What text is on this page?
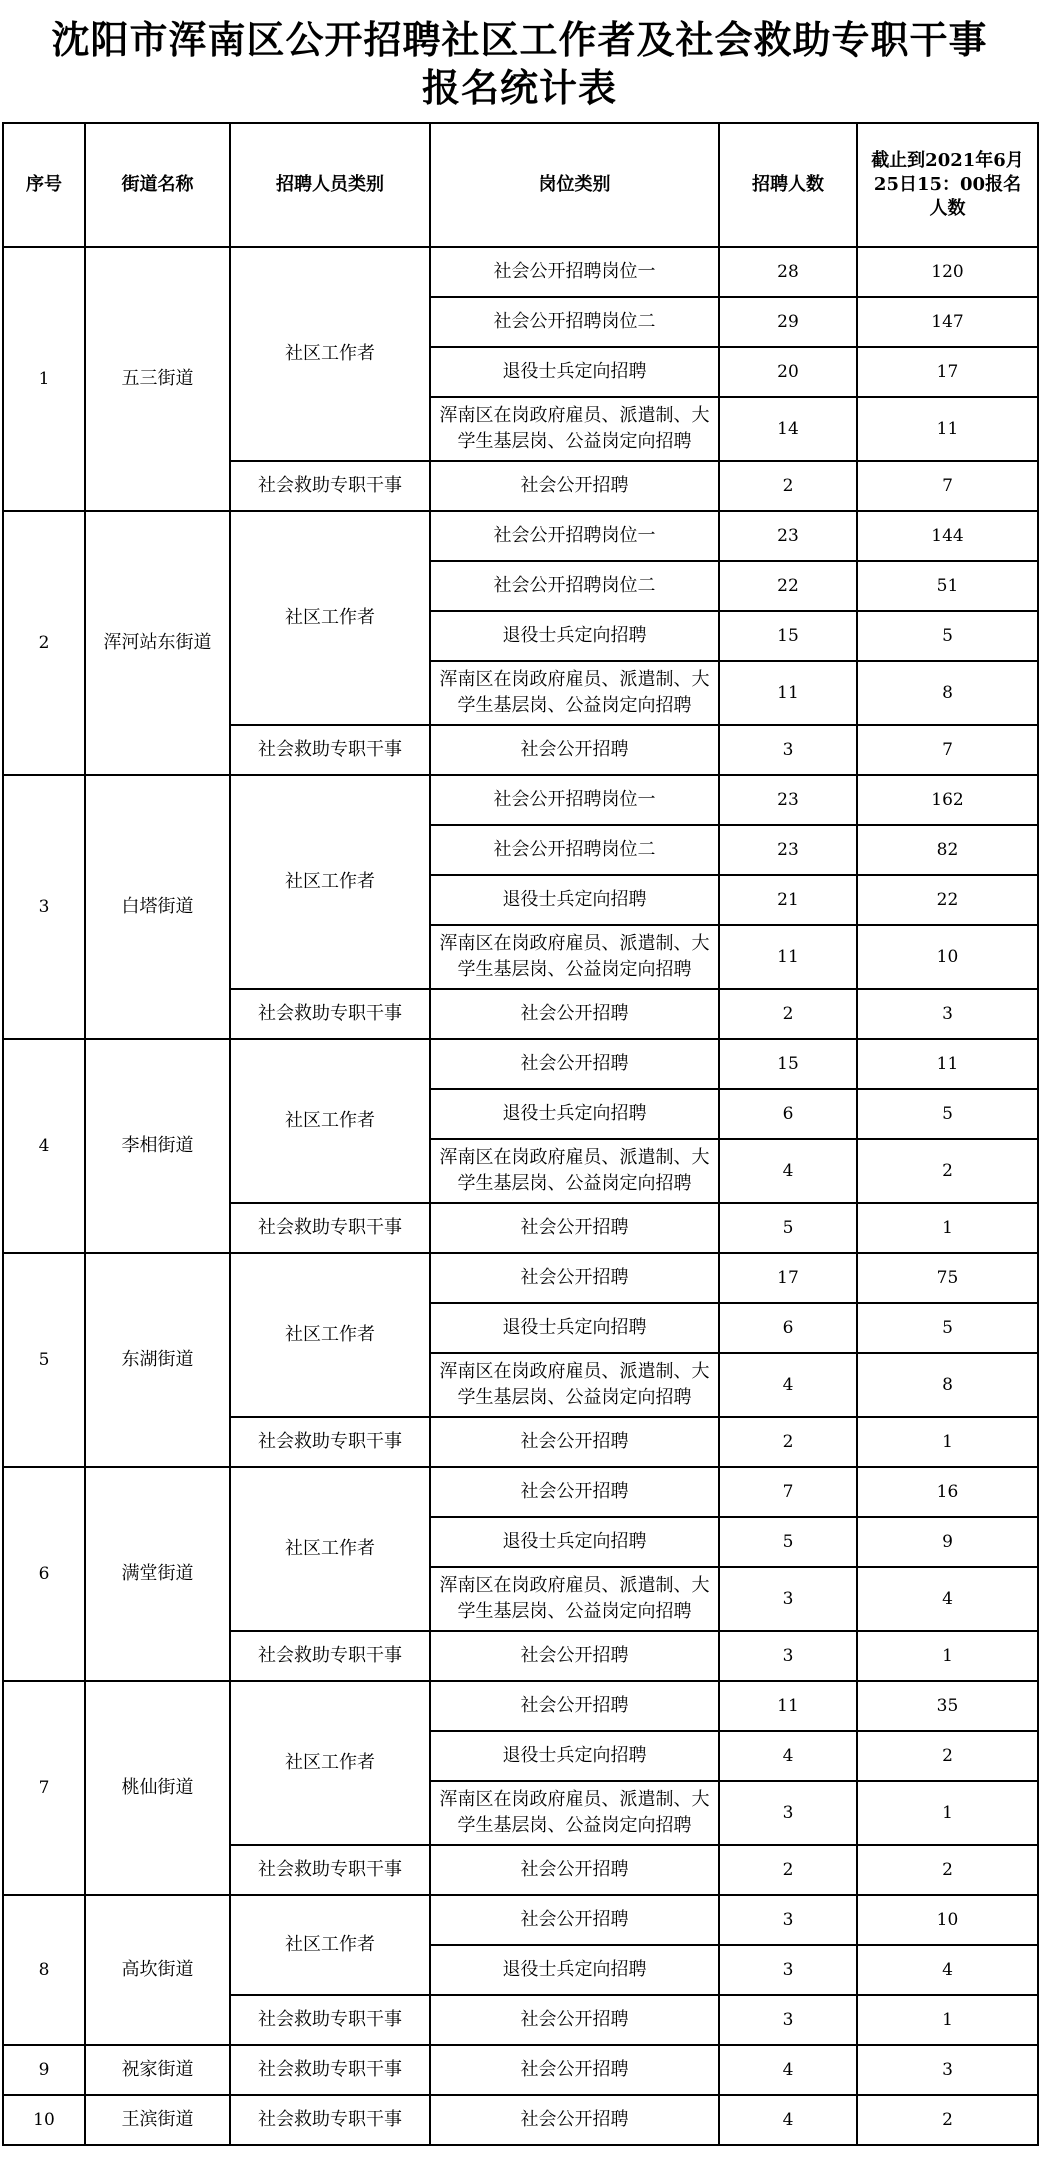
沈阳市浑南区公开招聘社区工作者及社会救助专职干事
报名统计表
序号	街道名称	招聘人员类别	岗位类别	招聘人数	截止到2021年6月25日15：00报名人数
1	五三街道	社区工作者	社会公开招聘岗位一	28	120
			社会公开招聘岗位二	29	147
			退役士兵定向招聘	20	17
			浑南区在岗政府雇员、派遣制、大学生基层岗、公益岗定向招聘	14	11
		社会救助专职干事	社会公开招聘	2	7
2	浑河站东街道	社区工作者	社会公开招聘岗位一	23	144
			社会公开招聘岗位二	22	51
			退役士兵定向招聘	15	5
			浑南区在岗政府雇员、派遣制、大学生基层岗、公益岗定向招聘	11	8
		社会救助专职干事	社会公开招聘	3	7
3	白塔街道	社区工作者	社会公开招聘岗位一	23	162
			社会公开招聘岗位二	23	82
			退役士兵定向招聘	21	22
			浑南区在岗政府雇员、派遣制、大学生基层岗、公益岗定向招聘	11	10
		社会救助专职干事	社会公开招聘	2	3
4	李相街道	社区工作者	社会公开招聘	15	11
			退役士兵定向招聘	6	5
			浑南区在岗政府雇员、派遣制、大学生基层岗、公益岗定向招聘	4	2
		社会救助专职干事	社会公开招聘	5	1
5	东湖街道	社区工作者	社会公开招聘	17	75
			退役士兵定向招聘	6	5
			浑南区在岗政府雇员、派遣制、大学生基层岗、公益岗定向招聘	4	8
		社会救助专职干事	社会公开招聘	2	1
6	满堂街道	社区工作者	社会公开招聘	7	16
			退役士兵定向招聘	5	9
			浑南区在岗政府雇员、派遣制、大学生基层岗、公益岗定向招聘	3	4
		社会救助专职干事	社会公开招聘	3	1
7	桃仙街道	社区工作者	社会公开招聘	11	35
			退役士兵定向招聘	4	2
			浑南区在岗政府雇员、派遣制、大学生基层岗、公益岗定向招聘	3	1
		社会救助专职干事	社会公开招聘	2	2
8	高坎街道	社区工作者	社会公开招聘	3	10
			退役士兵定向招聘	3	4
		社会救助专职干事	社会公开招聘	3	1
9	祝家街道	社会救助专职干事	社会公开招聘	4	3
10	王滨街道	社会救助专职干事	社会公开招聘	4	2
